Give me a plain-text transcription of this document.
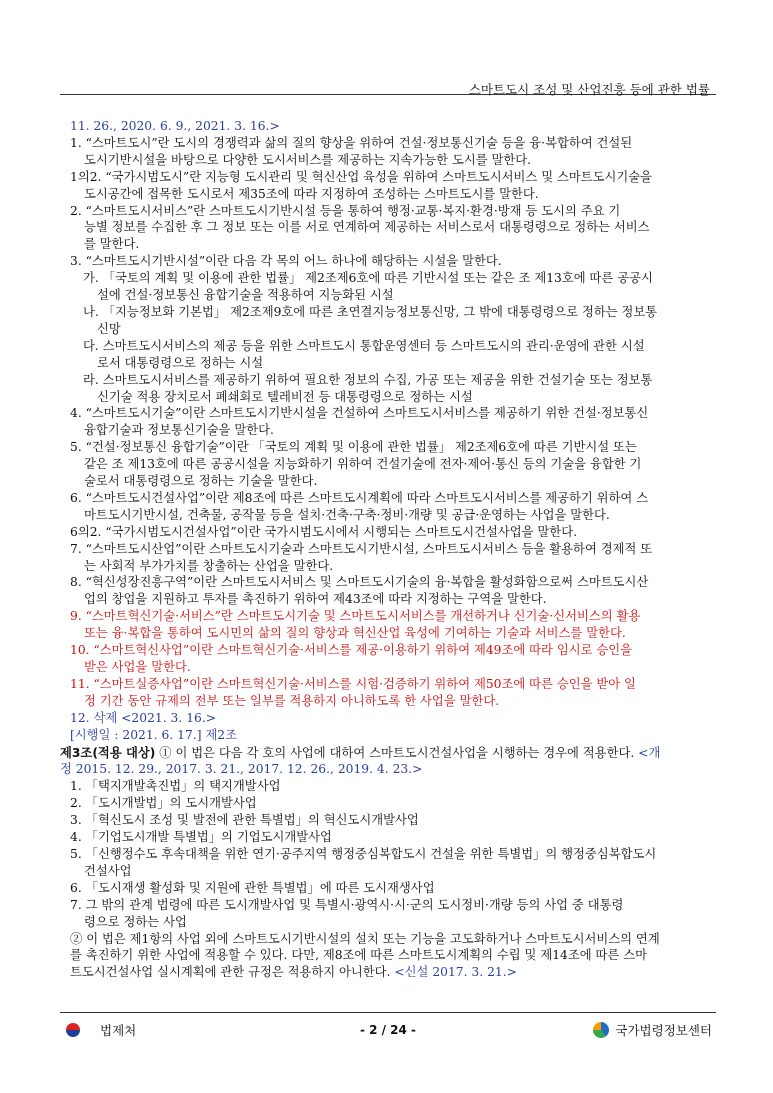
스마트도시 조성 및 산업진흥 등에 관한 법률
11. 26., 2020. 6. 9., 2021. 3. 16.>
1. “스마트도시”란 도시의 경쟁력과 삶의 질의 향상을 위하여 건설·정보통신기술 등을 융·복합하여 건설된
도시기반시설을 바탕으로 다양한 도시서비스를 제공하는 지속가능한 도시를 말한다.
1의2. “국가시범도시”란 지능형 도시관리 및 혁신산업 육성을 위하여 스마트도시서비스 및 스마트도시기술을
도시공간에 접목한 도시로서 제35조에 따라 지정하여 조성하는 스마트도시를 말한다.
2. “스마트도시서비스”란 스마트도시기반시설 등을 통하여 행정·교통·복지·환경·방재 등 도시의 주요 기
능별 정보를 수집한 후 그 정보 또는 이를 서로 연계하여 제공하는 서비스로서 대통령령으로 정하는 서비스
를 말한다.
3. “스마트도시기반시설”이란 다음 각 목의 어느 하나에 해당하는 시설을 말한다.
가. 「국토의 계획 및 이용에 관한 법률」 제2조제6호에 따른 기반시설 또는 같은 조 제13호에 따른 공공시
설에 건설·정보통신 융합기술을 적용하여 지능화된 시설
나. 「지능정보화 기본법」 제2조제9호에 따른 초연결지능정보통신망, 그 밖에 대통령령으로 정하는 정보통
신망
다. 스마트도시서비스의 제공 등을 위한 스마트도시 통합운영센터 등 스마트도시의 관리·운영에 관한 시설
로서 대통령령으로 정하는 시설
라. 스마트도시서비스를 제공하기 위하여 필요한 정보의 수집, 가공 또는 제공을 위한 건설기술 또는 정보통
신기술 적용 장치로서 폐쇄회로 텔레비전 등 대통령령으로 정하는 시설
4. “스마트도시기술”이란 스마트도시기반시설을 건설하여 스마트도시서비스를 제공하기 위한 건설·정보통신
융합기술과 정보통신기술을 말한다.
5. “건설·정보통신 융합기술”이란 「국토의 계획 및 이용에 관한 법률」 제2조제6호에 따른 기반시설 또는
같은 조 제13호에 따른 공공시설을 지능화하기 위하여 건설기술에 전자·제어·통신 등의 기술을 융합한 기
술로서 대통령령으로 정하는 기술을 말한다.
6. “스마트도시건설사업”이란 제8조에 따른 스마트도시계획에 따라 스마트도시서비스를 제공하기 위하여 스
마트도시기반시설, 건축물, 공작물 등을 설치·건축·구축·정비·개량 및 공급·운영하는 사업을 말한다.
6의2. “국가시범도시건설사업”이란 국가시범도시에서 시행되는 스마트도시건설사업을 말한다.
7. “스마트도시산업”이란 스마트도시기술과 스마트도시기반시설, 스마트도시서비스 등을 활용하여 경제적 또
는 사회적 부가가치를 창출하는 산업을 말한다.
8. “혁신성장진흥구역”이란 스마트도시서비스 및 스마트도시기술의 융·복합을 활성화함으로써 스마트도시산
업의 창업을 지원하고 투자를 촉진하기 위하여 제43조에 따라 지정하는 구역을 말한다.
9. “스마트혁신기술·서비스”란 스마트도시기술 및 스마트도시서비스를 개선하거나 신기술·신서비스의 활용
또는 융·복합을 통하여 도시민의 삶의 질의 향상과 혁신산업 육성에 기여하는 기술과 서비스를 말한다.
10. “스마트혁신사업”이란 스마트혁신기술·서비스를 제공·이용하기 위하여 제49조에 따라 임시로 승인을
받은 사업을 말한다.
11. “스마트실증사업”이란 스마트혁신기술·서비스를 시험·검증하기 위하여 제50조에 따른 승인을 받아 일
정 기간 동안 규제의 전부 또는 일부를 적용하지 아니하도록 한 사업을 말한다.
12. 삭제 <2021. 3. 16.>
[시행일 : 2021. 6. 17.] 제2조
제3조(적용 대상) ① 이 법은 다음 각 호의 사업에 대하여 스마트도시건설사업을 시행하는 경우에 적용한다. <개
정 2015. 12. 29., 2017. 3. 21., 2017. 12. 26., 2019. 4. 23.>
1. 「택지개발촉진법」의 택지개발사업
2. 「도시개발법」의 도시개발사업
3. 「혁신도시 조성 및 발전에 관한 특별법」의 혁신도시개발사업
4. 「기업도시개발 특별법」의 기업도시개발사업
5. 「신행정수도 후속대책을 위한 연기·공주지역 행정중심복합도시 건설을 위한 특별법」의 행정중심복합도시
건설사업
6. 「도시재생 활성화 및 지원에 관한 특별법」에 따른 도시재생사업
7. 그 밖의 관계 법령에 따른 도시개발사업 및 특별시·광역시·시·군의 도시정비·개량 등의 사업 중 대통령
령으로 정하는 사업
② 이 법은 제1항의 사업 외에 스마트도시기반시설의 설치 또는 기능을 고도화하거나 스마트도시서비스의 연계
를 촉진하기 위한 사업에 적용할 수 있다. 다만, 제8조에 따른 스마트도시계획의 수립 및 제14조에 따른 스마
트도시건설사업 실시계획에 관한 규정은 적용하지 아니한다. <신설 2017. 3. 21.>
법제처	- 2 / 24 -	국가법령정보센터
